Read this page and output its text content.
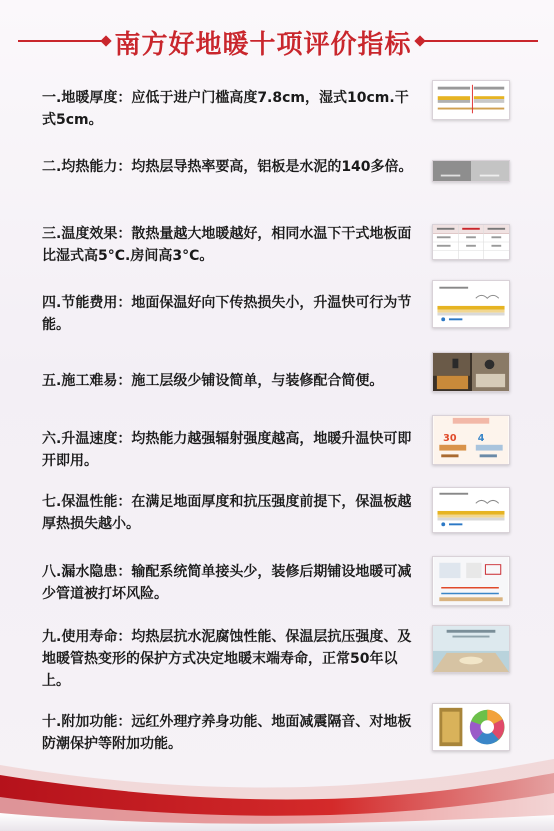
南方好地暖十项评价指标
一.地暖厚度：应低于进户门槛高度7.8cm，湿式10cm.干式5cm。
二.均热能力：均热层导热率要高，铝板是水泥的140多倍。
三.温度效果：散热量越大地暖越好，相同水温下干式地板面比湿式高5°C.房间高3°C。
四.节能费用：地面保温好向下传热损失小，升温快可行为节能。
五.施工难易：施工层级少铺设简单，与装修配合简便。
六.升温速度：均热能力越强辐射强度越高，地暖升温快可即开即用。
30 4
七.保温性能：在满足地面厚度和抗压强度前提下，保温板越厚热损失越小。
八.漏水隐患：输配系统简单接头少，装修后期铺设地暖可减少管道被打坏风险。
九.使用寿命：均热层抗水泥腐蚀性能、保温层抗压强度、及地暖管热变形的保护方式决定地暖末端寿命，正常50年以上。
十.附加功能：远红外理疗养身功能、地面减震隔音、对地板防潮保护等附加功能。
